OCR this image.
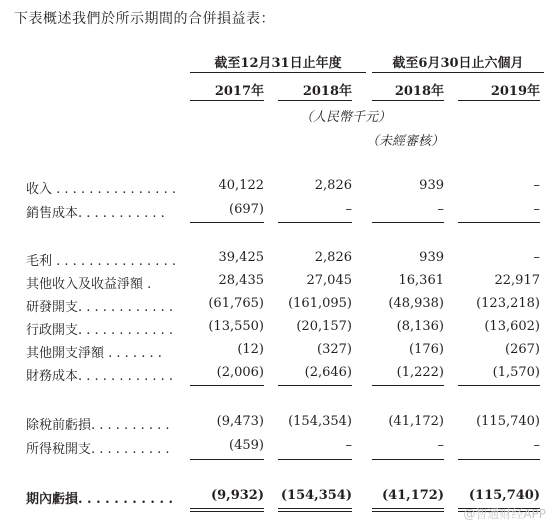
下表概述我們於所示期間的合併損益表：
截至12月31日止年度	截至6月30日止六個月
2017年	2018年	2018年	2019年
（人民幣千元）
（未經審核）
收入 . . . . . . . . . . . . . . .	40,122	2,826	939	–
銷售成本. . . . . . . . . . .	(697)	–	–	–
毛利 . . . . . . . . . . . . . . .	39,425	2,826	939	–
其他收入及收益淨額 .	28,435	27,045	16,361	22,917
研發開支. . . . . . . . . . . .	(61,765)	(161,095)	(48,938)	(123,218)
行政開支. . . . . . . . . . . .	(13,550)	(20,157)	(8,136)	(13,602)
其他開支淨額 . . . . . . .	(12)	(327)	(176)	(267)
財務成本. . . . . . . . . . . .	(2,006)	(2,646)	(1,222)	(1,570)
除稅前虧損. . . . . . . . . .	(9,473)	(154,354)	(41,172)	(115,740)
所得稅開支. . . . . . . . . .	(459)	–	–	–
期內虧損. . . . . . . . . . .	(9,932)	(154,354)	(41,172)	(115,740)
@智通财经APP
